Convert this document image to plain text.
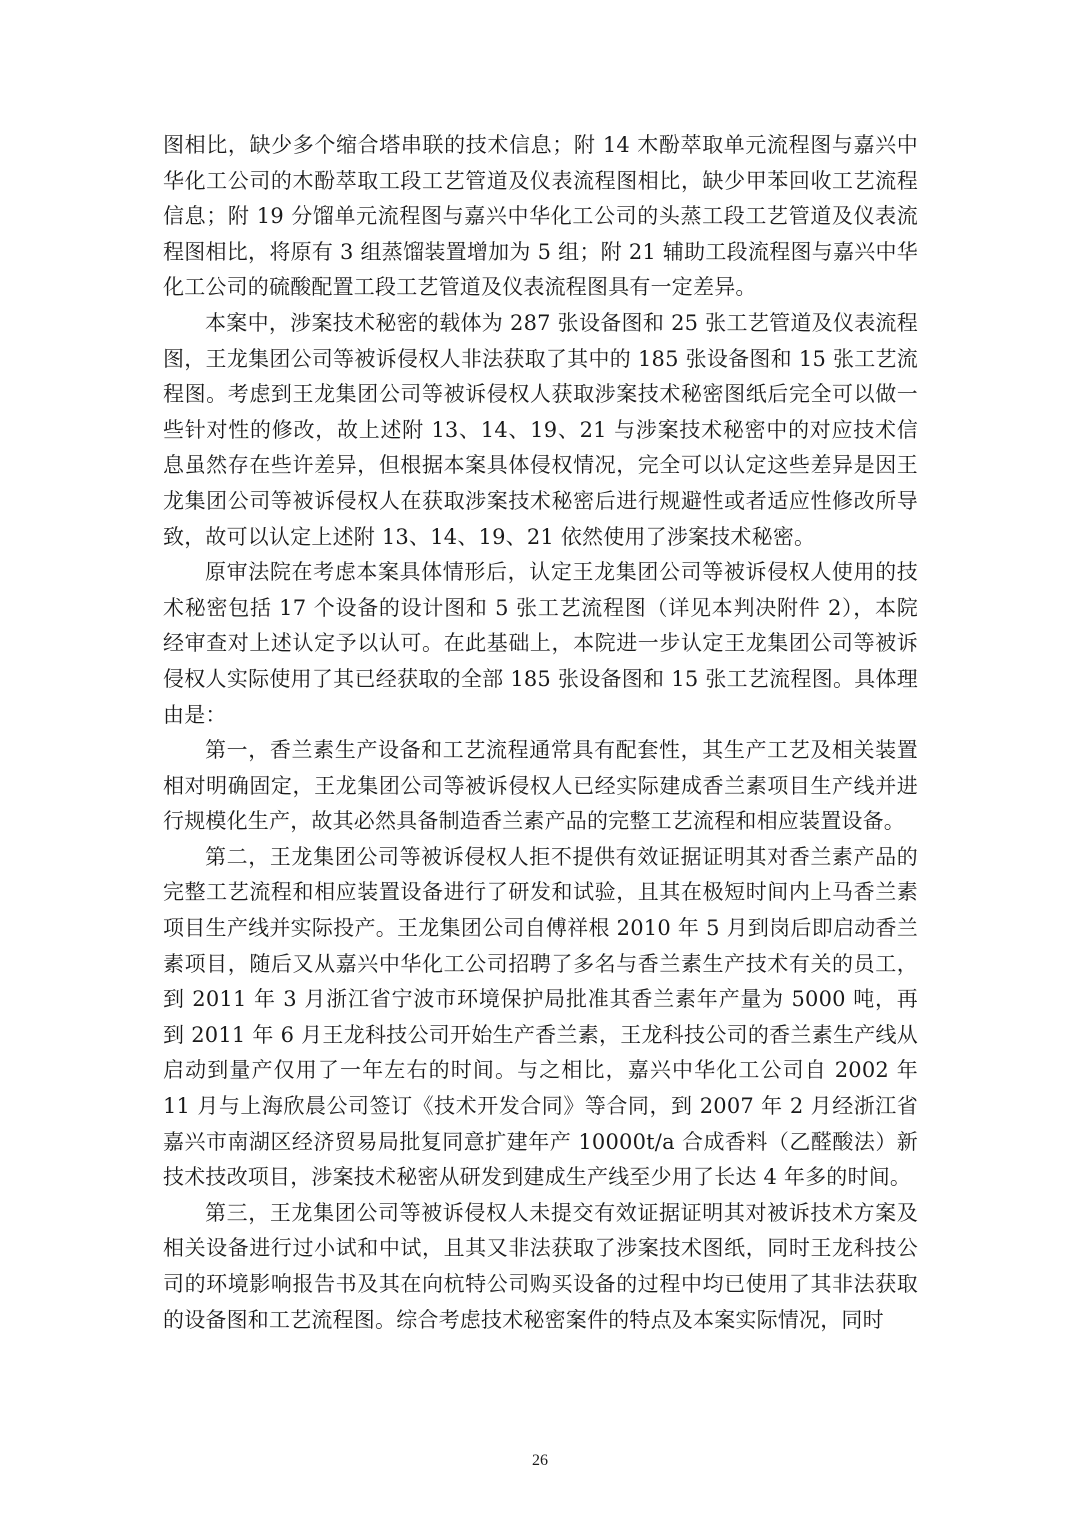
图相比，缺少多个缩合塔串联的技术信息；附 14 木酚萃取单元流程图与嘉兴中华化工公司的木酚萃取工段工艺管道及仪表流程图相比，缺少甲苯回收工艺流程信息；附 19 分馏单元流程图与嘉兴中华化工公司的头蒸工段工艺管道及仪表流程图相比，将原有 3 组蒸馏装置增加为 5 组；附 21 辅助工段流程图与嘉兴中华化工公司的硫酸配置工段工艺管道及仪表流程图具有一定差异。

本案中，涉案技术秘密的载体为 287 张设备图和 25 张工艺管道及仪表流程图，王龙集团公司等被诉侵权人非法获取了其中的 185 张设备图和 15 张工艺流程图。考虑到王龙集团公司等被诉侵权人获取涉案技术秘密图纸后完全可以做一些针对性的修改，故上述附 13、14、19、21 与涉案技术秘密中的对应技术信息虽然存在些许差异，但根据本案具体侵权情况，完全可以认定这些差异是因王龙集团公司等被诉侵权人在获取涉案技术秘密后进行规避性或者适应性修改所导致，故可以认定上述附 13、14、19、21 依然使用了涉案技术秘密。

原审法院在考虑本案具体情形后，认定王龙集团公司等被诉侵权人使用的技术秘密包括 17 个设备的设计图和 5 张工艺流程图（详见本判决附件 2），本院经审查对上述认定予以认可。在此基础上，本院进一步认定王龙集团公司等被诉侵权人实际使用了其已经获取的全部 185 张设备图和 15 张工艺流程图。具体理由是：

第一，香兰素生产设备和工艺流程通常具有配套性，其生产工艺及相关装置相对明确固定，王龙集团公司等被诉侵权人已经实际建成香兰素项目生产线并进行规模化生产，故其必然具备制造香兰素产品的完整工艺流程和相应装置设备。

第二，王龙集团公司等被诉侵权人拒不提供有效证据证明其对香兰素产品的完整工艺流程和相应装置设备进行了研发和试验，且其在极短时间内上马香兰素项目生产线并实际投产。王龙集团公司自傅祥根 2010 年 5 月到岗后即启动香兰素项目，随后又从嘉兴中华化工公司招聘了多名与香兰素生产技术有关的员工，到 2011 年 3 月浙江省宁波市环境保护局批准其香兰素年产量为 5000 吨，再到 2011 年 6 月王龙科技公司开始生产香兰素，王龙科技公司的香兰素生产线从启动到量产仅用了一年左右的时间。与之相比，嘉兴中华化工公司自 2002 年 11 月与上海欣晨公司签订《技术开发合同》等合同，到 2007 年 2 月经浙江省嘉兴市南湖区经济贸易局批复同意扩建年产 10000t/a 合成香料（乙醛酸法）新技术技改项目，涉案技术秘密从研发到建成生产线至少用了长达 4 年多的时间。

第三，王龙集团公司等被诉侵权人未提交有效证据证明其对被诉技术方案及相关设备进行过小试和中试，且其又非法获取了涉案技术图纸，同时王龙科技公司的环境影响报告书及其在向杭特公司购买设备的过程中均已使用了其非法获取的设备图和工艺流程图。综合考虑技术秘密案件的特点及本案实际情况，同时

26
